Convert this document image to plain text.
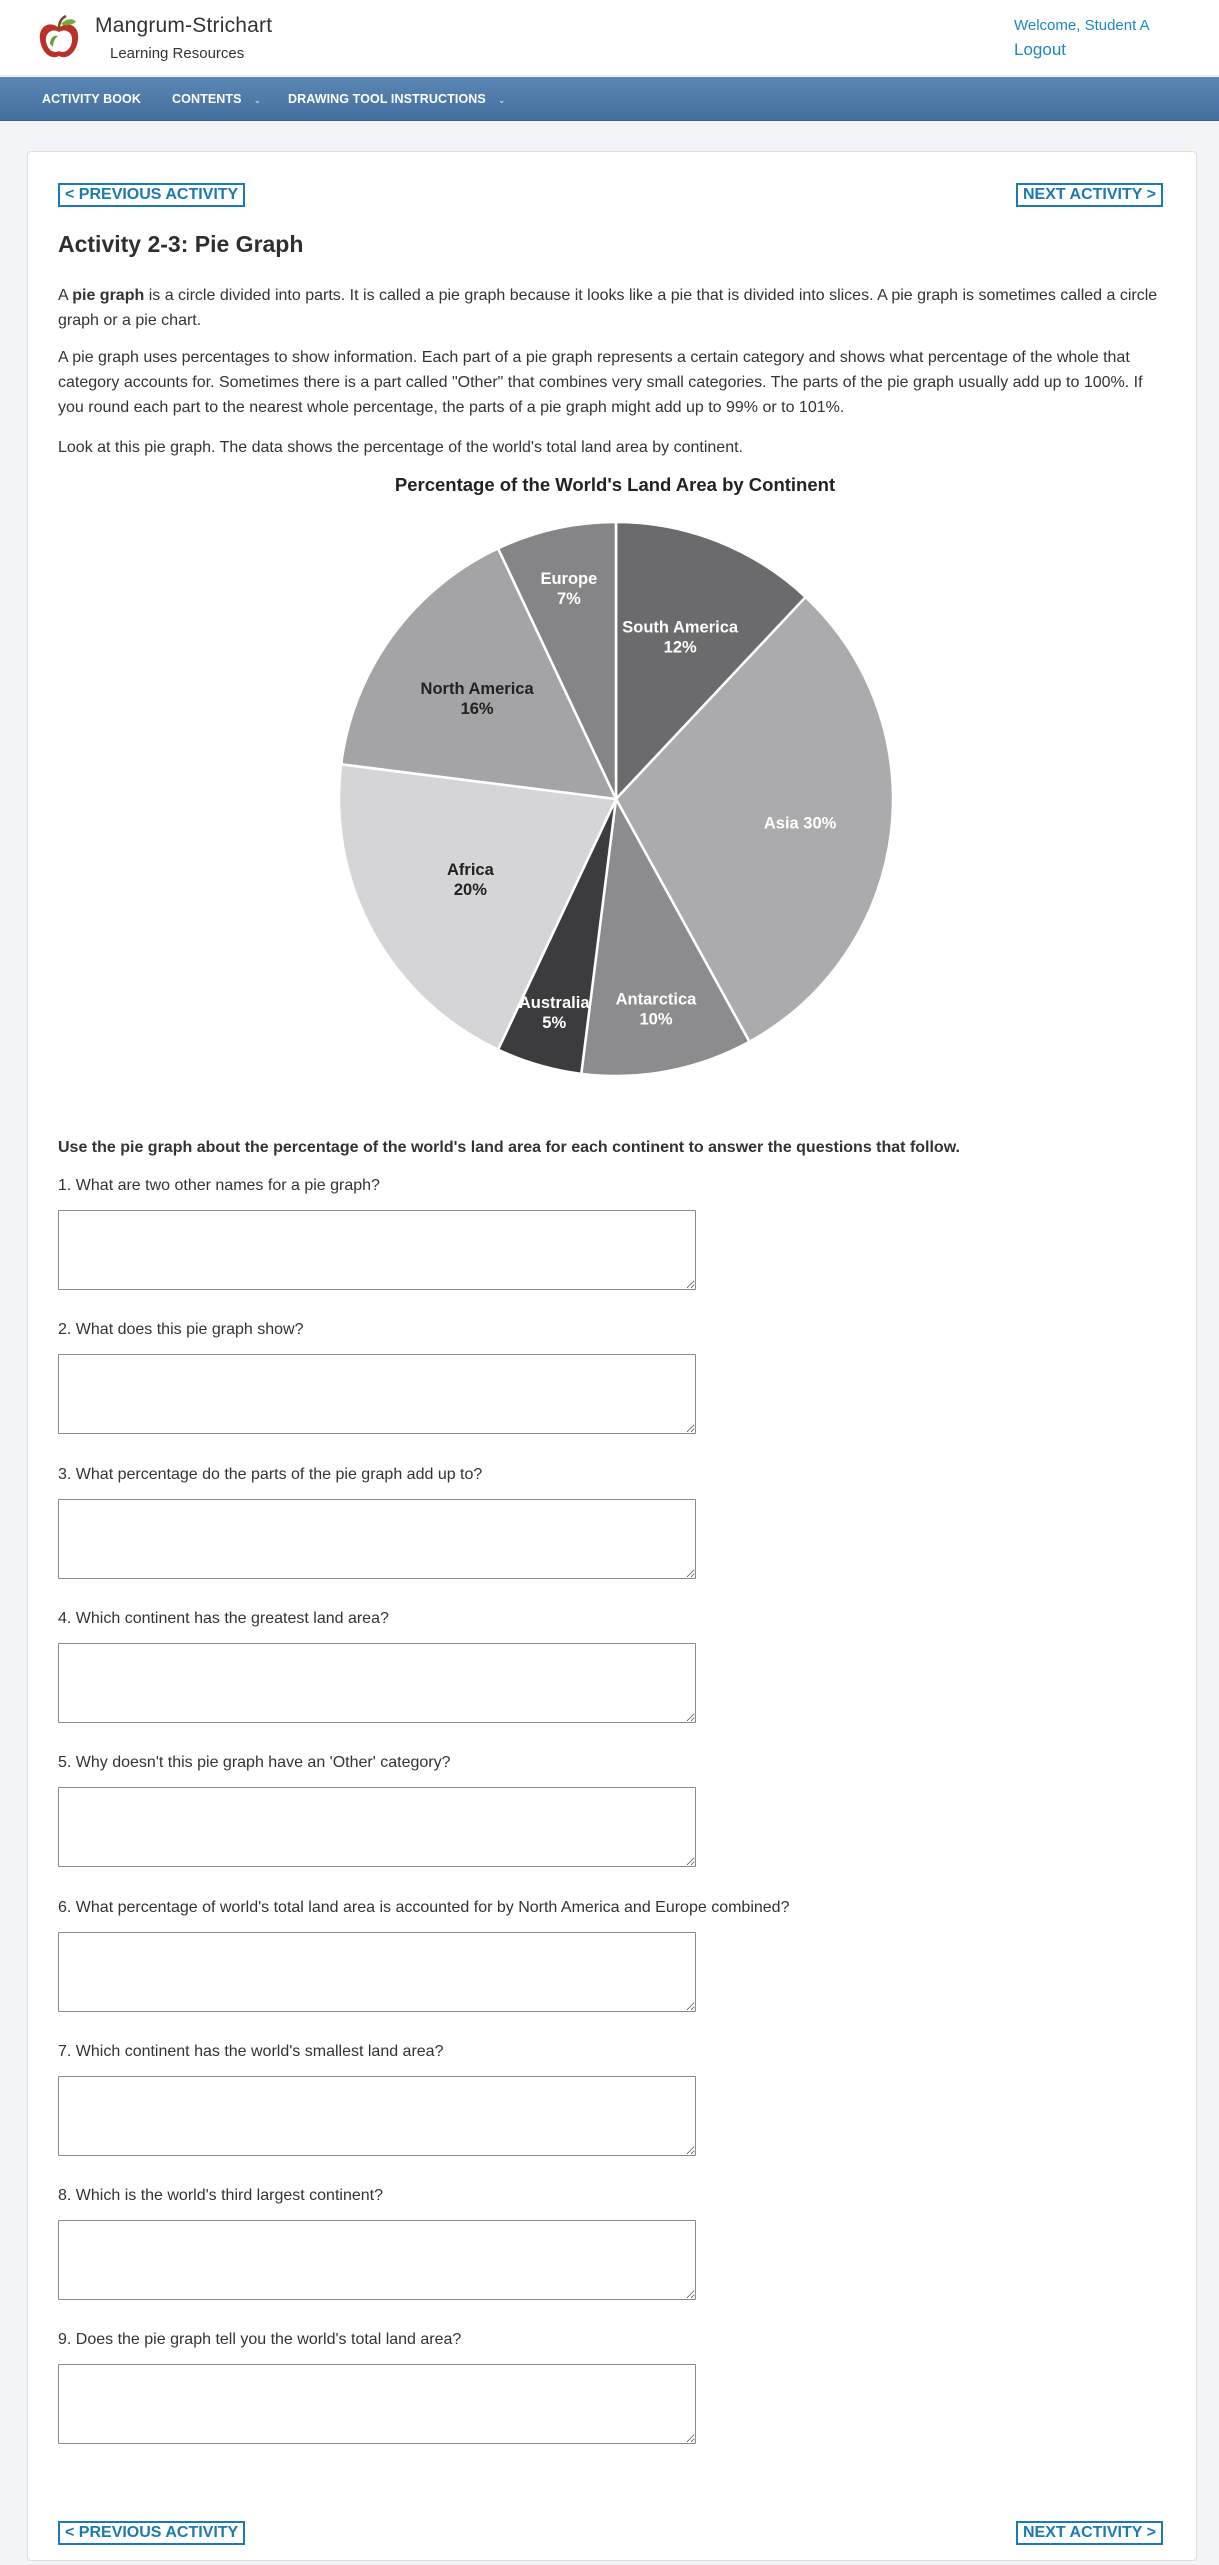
Mangrum-Strichart
Learning Resources
Welcome, Student A
Logout
ACTIVITY BOOK CONTENTS ⌄ DRAWING TOOL INSTRUCTIONS ⌄
< PREVIOUS ACTIVITY	NEXT ACTIVITY >
Activity 2-3: Pie Graph

A pie graph is a circle divided into parts. It is called a pie graph because it looks like a pie that is divided into slices. A pie graph is sometimes called a circle graph or a pie chart.

A pie graph uses percentages to show information. Each part of a pie graph represents a certain category and shows what percentage of the whole that category accounts for. Sometimes there is a part called "Other" that combines very small categories. The parts of the pie graph usually add up to 100%. If you round each part to the nearest whole percentage, the parts of a pie graph might add up to 99% or to 101%.

Look at this pie graph. The data shows the percentage of the world's total land area by continent.

Percentage of the World's Land Area by Continent
South America 12%
Asia 30%
Antarctica 10%
Australia 5%
Africa 20%
North America 16%
Europe 7%

Use the pie graph about the percentage of the world's land area for each continent to answer the questions that follow.

1. What are two other names for a pie graph?
2. What does this pie graph show?
3. What percentage do the parts of the pie graph add up to?
4. Which continent has the greatest land area?
5. Why doesn't this pie graph have an 'Other' category?
6. What percentage of world's total land area is accounted for by North America and Europe combined?
7. Which continent has the world's smallest land area?
8. Which is the world's third largest continent?
9. Does the pie graph tell you the world's total land area?
< PREVIOUS ACTIVITY	NEXT ACTIVITY >
